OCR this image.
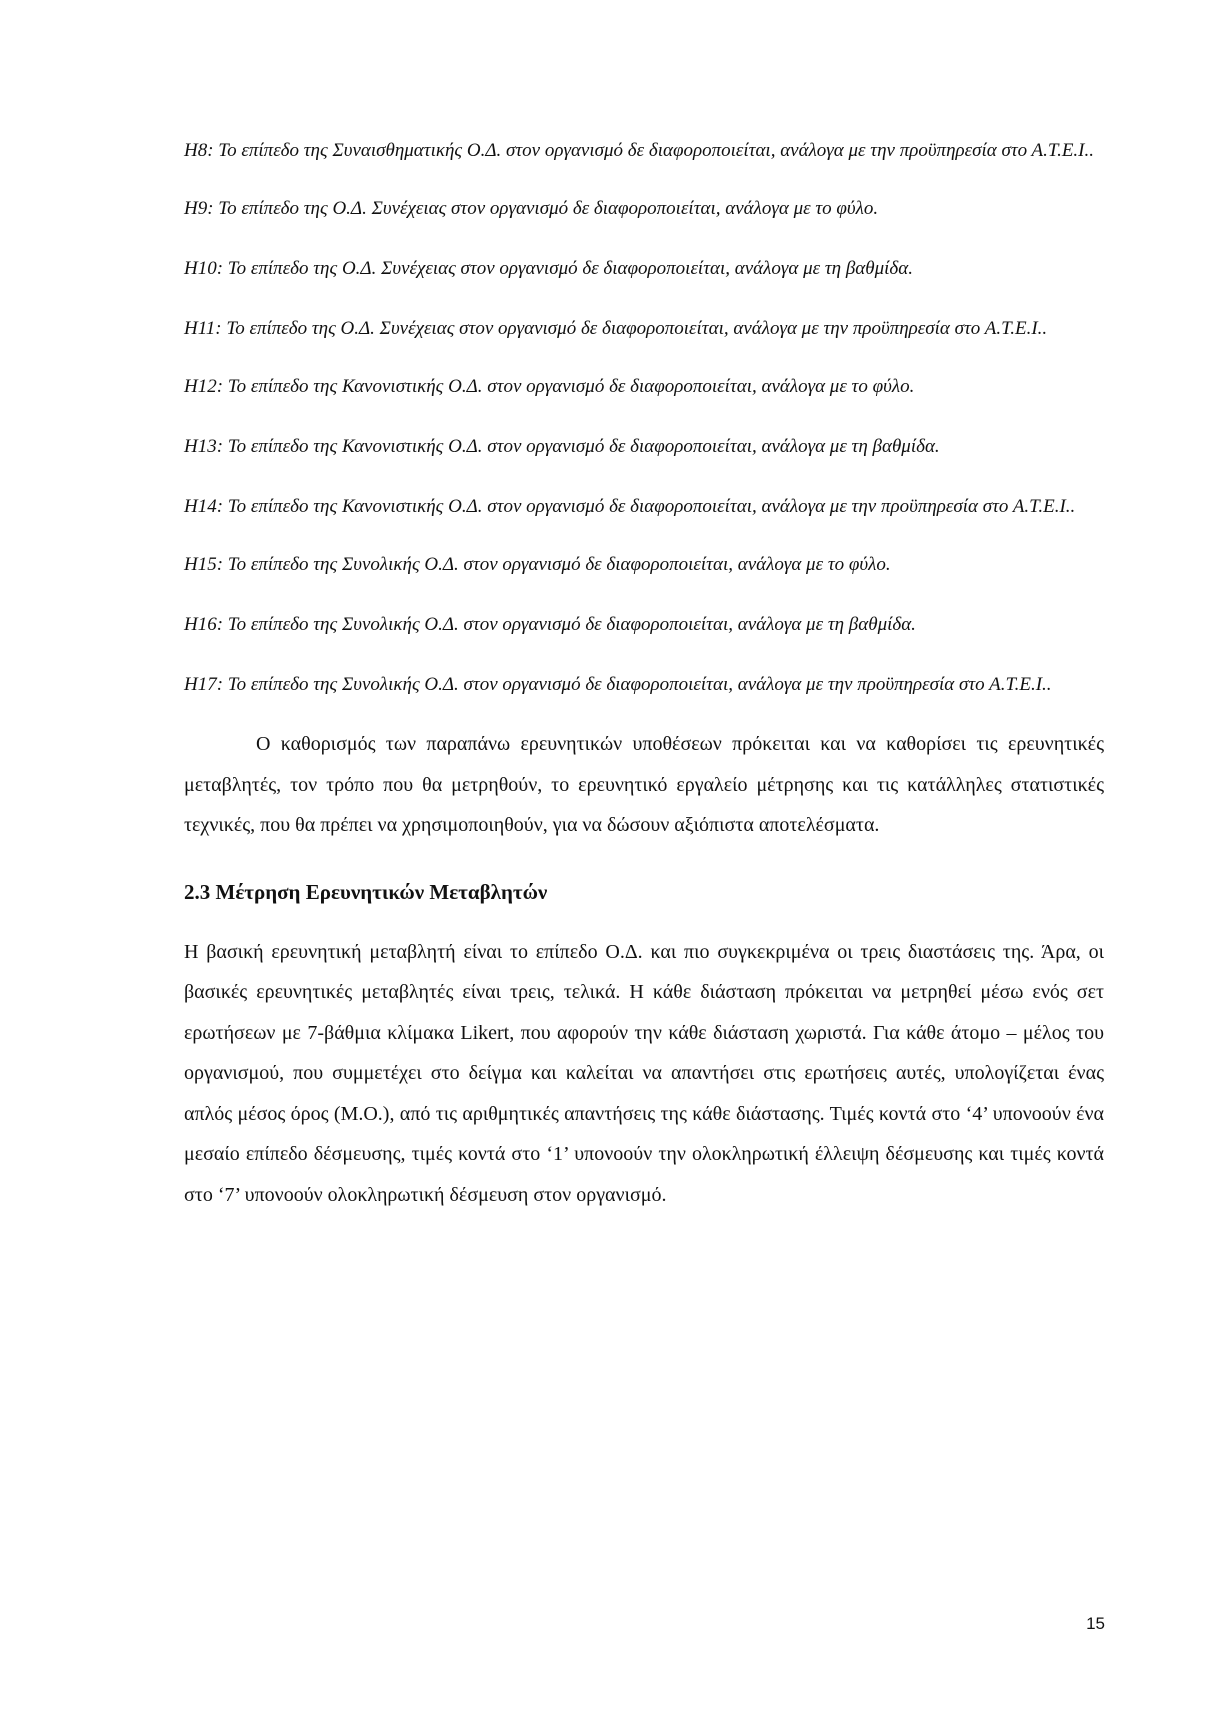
H8: Το επίπεδο της Συναισθηματικής Ο.Δ. στον οργανισμό δε διαφοροποιείται, ανάλογα με την προϋπηρεσία στο Α.Τ.Ε.Ι..

H9: Το επίπεδο της Ο.Δ. Συνέχειας στον οργανισμό δε διαφοροποιείται, ανάλογα με το φύλο.

H10: Το επίπεδο της Ο.Δ. Συνέχειας στον οργανισμό δε διαφοροποιείται, ανάλογα με τη βαθμίδα.

H11: Το επίπεδο της Ο.Δ. Συνέχειας στον οργανισμό δε διαφοροποιείται, ανάλογα με την προϋπηρεσία στο Α.Τ.Ε.Ι..

H12: Το επίπεδο της Κανονιστικής Ο.Δ. στον οργανισμό δε διαφοροποιείται, ανάλογα με το φύλο.

H13: Το επίπεδο της Κανονιστικής Ο.Δ. στον οργανισμό δε διαφοροποιείται, ανάλογα με τη βαθμίδα.

H14: Το επίπεδο της Κανονιστικής Ο.Δ. στον οργανισμό δε διαφοροποιείται, ανάλογα με την προϋπηρεσία στο Α.Τ.Ε.Ι..

H15: Το επίπεδο της Συνολικής Ο.Δ. στον οργανισμό δε διαφοροποιείται, ανάλογα με το φύλο.

H16: Το επίπεδο της Συνολικής Ο.Δ. στον οργανισμό δε διαφοροποιείται, ανάλογα με τη βαθμίδα.

H17: Το επίπεδο της Συνολικής Ο.Δ. στον οργανισμό δε διαφοροποιείται, ανάλογα με την προϋπηρεσία στο Α.Τ.Ε.Ι..

Ο καθορισμός των παραπάνω ερευνητικών υποθέσεων πρόκειται και να καθορίσει τις ερευνητικές μεταβλητές, τον τρόπο που θα μετρηθούν, το ερευνητικό εργαλείο μέτρησης και τις κατάλληλες στατιστικές τεχνικές, που θα πρέπει να χρησιμοποιηθούν, για να δώσουν αξιόπιστα αποτελέσματα.

2.3 Μέτρηση Ερευνητικών Μεταβλητών

Η βασική ερευνητική μεταβλητή είναι το επίπεδο Ο.Δ. και πιο συγκεκριμένα οι τρεις διαστάσεις της. Άρα, οι βασικές ερευνητικές μεταβλητές είναι τρεις, τελικά. Η κάθε διάσταση πρόκειται να μετρηθεί μέσω ενός σετ ερωτήσεων με 7-βάθμια κλίμακα Likert, που αφορούν την κάθε διάσταση χωριστά. Για κάθε άτομο – μέλος του οργανισμού, που συμμετέχει στο δείγμα και καλείται να απαντήσει στις ερωτήσεις αυτές, υπολογίζεται ένας απλός μέσος όρος (Μ.Ο.), από τις αριθμητικές απαντήσεις της κάθε διάστασης. Τιμές κοντά στο ‘4’ υπονοούν ένα μεσαίο επίπεδο δέσμευσης, τιμές κοντά στο ‘1’ υπονοούν την ολοκληρωτική έλλειψη δέσμευσης και τιμές κοντά στο ‘7’ υπονοούν ολοκληρωτική δέσμευση στον οργανισμό.

15
